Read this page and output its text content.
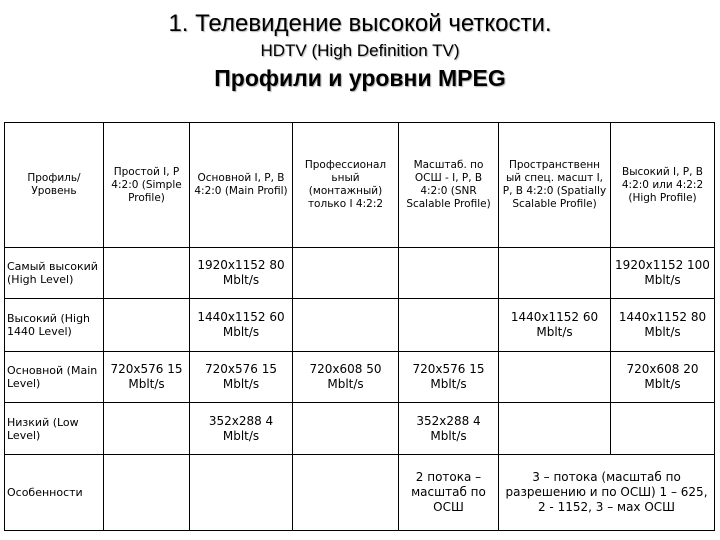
1. Телевидение высокой четкости.
HDTV (High Definition TV)
Профили и уровни MPEG
Профиль/ Уровень	Простой I, P 4:2:0 (Simple Profile)	Основной I, P, B 4:2:0 (Main Profil)	Профессионал ьный (монтажный) только I 4:2:2	Масштаб. по ОСШ - I, P, B 4:2:0 (SNR Scalable Profile)	Пространственн ый спец. масшт I, P, B 4:2:0 (Spatially Scalable Profile)	Высокий I, P, B 4:2:0 или 4:2:2 (High Profile)
Самый высокий (High Level)		1920x1152 80 Mblt/s				1920x1152 100 Mblt/s
Высокий (High 1440 Level)		1440x1152 60 Mblt/s			1440x1152 60 Mblt/s	1440x1152 80 Mblt/s
Основной (Main Level)	720x576 15 Mblt/s	720x576 15 Mblt/s	720x608 50 Mblt/s	720x576 15 Mblt/s		720x608 20 Mblt/s
Низкий (Low Level)		352x288 4 Mblt/s		352x288 4 Mblt/s		
Особенности				2 потока – масштаб по ОСШ	3 – потока (масштаб по разрешению и по ОСШ) 1 – 625, 2 - 1152, 3 – мах ОСШ	
